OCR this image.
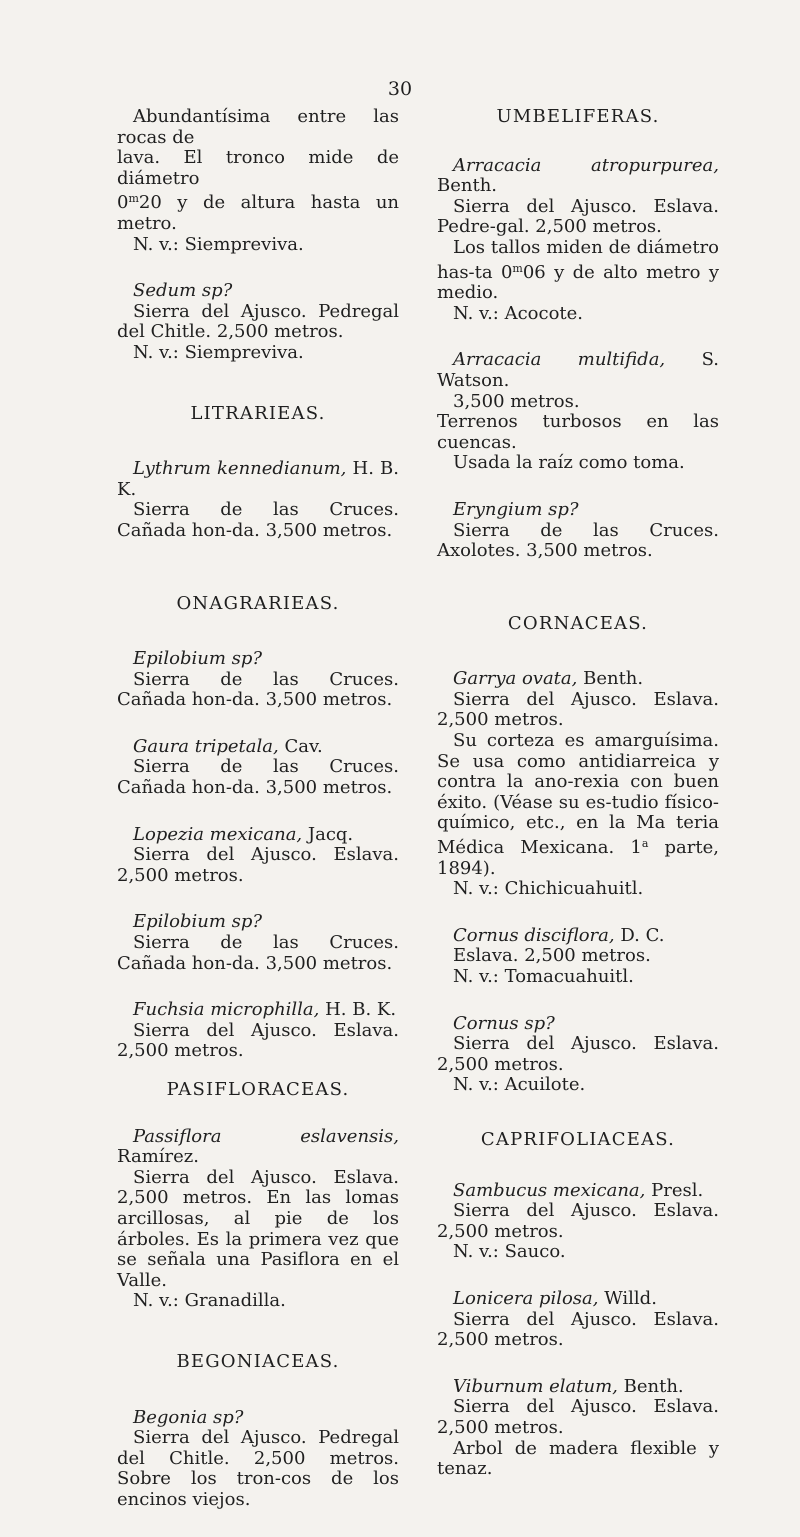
30

Abundantísima entre las rocas de

lava. El tronco mide de diámetro

0$^m$20 y de altura hasta un metro.

N. v.: Siempreviva.

Sedum sp?

Sierra del Ajusco. Pedregal del Chitle. 2,500 metros.

N. v.: Siempreviva.

LITRARIEAS.

Lythrum kennedianum, H. B. K.

Sierra de las Cruces. Cañada hon-da. 3,500 metros.

ONAGRARIEAS.

Epilobium sp?

Sierra de las Cruces. Cañada hon-da. 3,500 metros.

Gaura tripetala, Cav.

Sierra de las Cruces. Cañada hon-da. 3,500 metros.

Lopezia mexicana, Jacq.

Sierra del Ajusco. Eslava. 2,500 metros.

Epilobium sp?

Sierra de las Cruces. Cañada hon-da. 3,500 metros.

Fuchsia microphilla, H. B. K.

Sierra del Ajusco. Eslava. 2,500 metros.

PASIFLORACEAS.

Passiflora eslavensis, Ramírez.

Sierra del Ajusco. Eslava. 2,500 metros. En las lomas arcillosas, al pie de los árboles. Es la primera vez que se señala una Pasiflora en el Valle.

N. v.: Granadilla.

BEGONIACEAS.

Begonia sp?

Sierra del Ajusco. Pedregal del Chitle. 2,500 metros. Sobre los tron-cos de los encinos viejos.

UMBELIFERAS.

Arracacia atropurpurea, Benth.

Sierra del Ajusco. Eslava. Pedre-gal. 2,500 metros.

Los tallos miden de diámetro has-ta 0$^m$06 y de alto metro y medio.

N. v.: Acocote.

Arracacia multifida, S. Watson.

3,500 metros.

Terrenos turbosos en las cuencas.

Usada la raíz como toma.

Eryngium sp?

Sierra de las Cruces. Axolotes. 3,500 metros.

CORNACEAS.

Garrya ovata, Benth.

Sierra del Ajusco. Eslava. 2,500 metros.

Su corteza es amarguísima. Se usa como antidiarreica y contra la ano-rexia con buen éxito. (Véase su es-tudio físico-químico, etc., en la Ma teria Médica Mexicana. 1$^a$ parte, 1894).

N. v.: Chichicuahuitl.

Cornus disciflora, D. C.

Eslava. 2,500 metros.

N. v.: Tomacuahuitl.

Cornus sp?

Sierra del Ajusco. Eslava. 2,500 metros.

N. v.: Acuilote.

CAPRIFOLIACEAS.

Sambucus mexicana, Presl.

Sierra del Ajusco. Eslava. 2,500 metros.

N. v.: Sauco.

Lonicera pilosa, Willd.

Sierra del Ajusco. Eslava. 2,500 metros.

Viburnum elatum, Benth.

Sierra del Ajusco. Eslava. 2,500 metros.

Arbol de madera flexible y tenaz.
